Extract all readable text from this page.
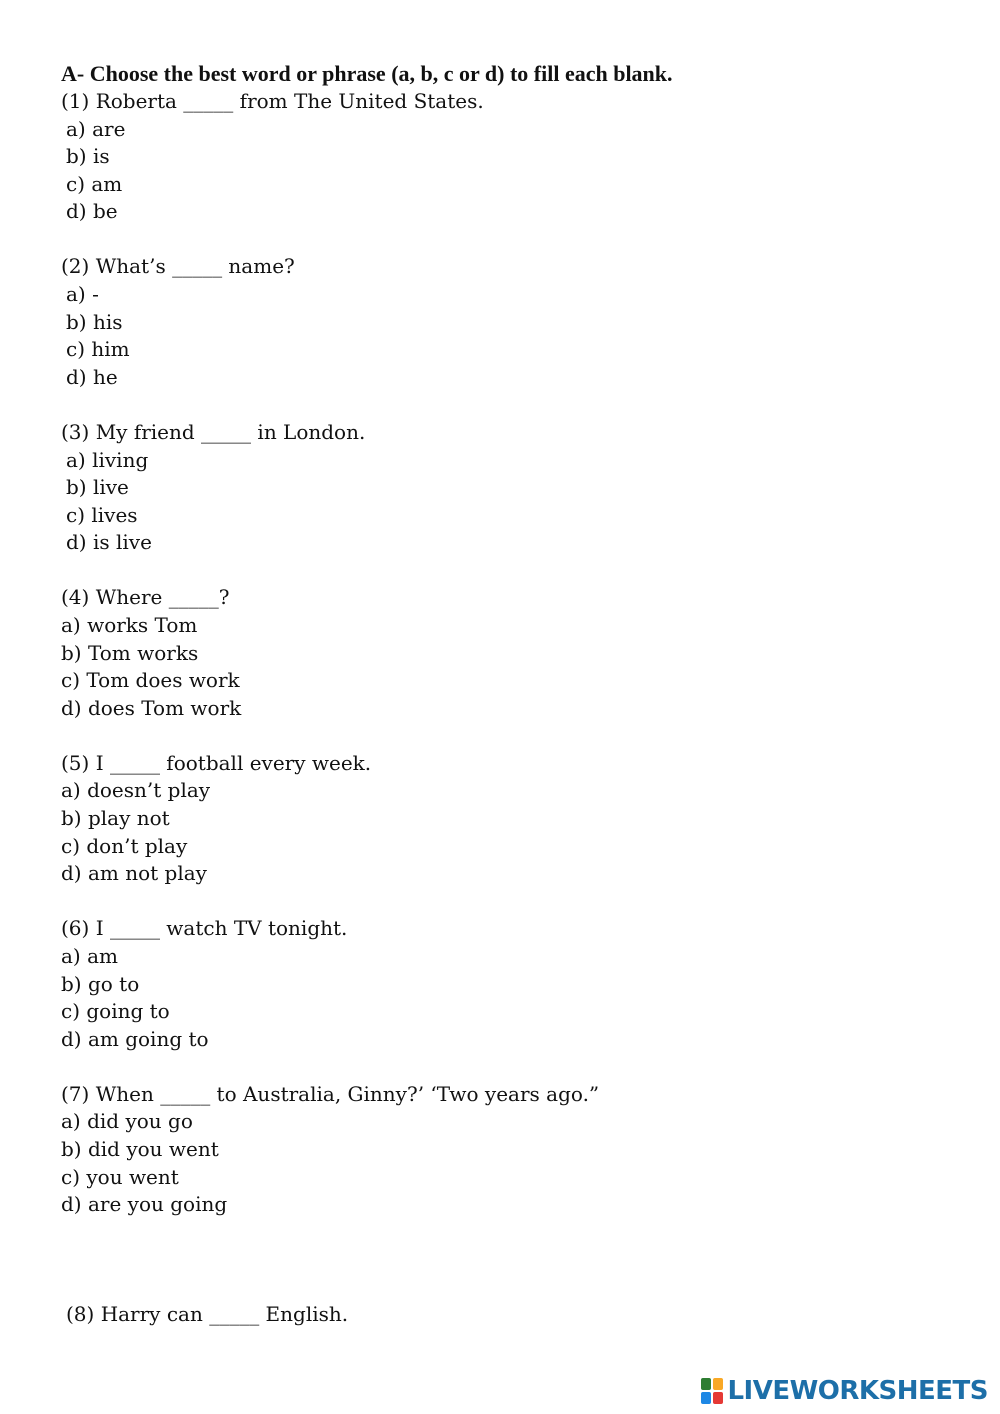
A- Choose the best word or phrase (a, b, c or d) to fill each blank.

(1) Roberta _____ from The United States.
a) are
b) is
c) am
d) be
(2) What’s _____ name?
a) -
b) his
c) him
d) he
(3) My friend _____ in London.
a) living
b) live
c) lives
d) is live
(4) Where _____?
a) works Tom
b) Tom works
c) Tom does work
d) does Tom work
(5) I _____ football every week.
a) doesn’t play
b) play not
c) don’t play
d) am not play
(6) I _____ watch TV tonight.
a) am
b) go to
c) going to
d) am going to
(7) When _____ to Australia, Ginny?’ ‘Two years ago.”
a) did you go
b) did you went
c) you went
d) are you going
(8) Harry can _____ English.
LIVEWORKSHEETS
